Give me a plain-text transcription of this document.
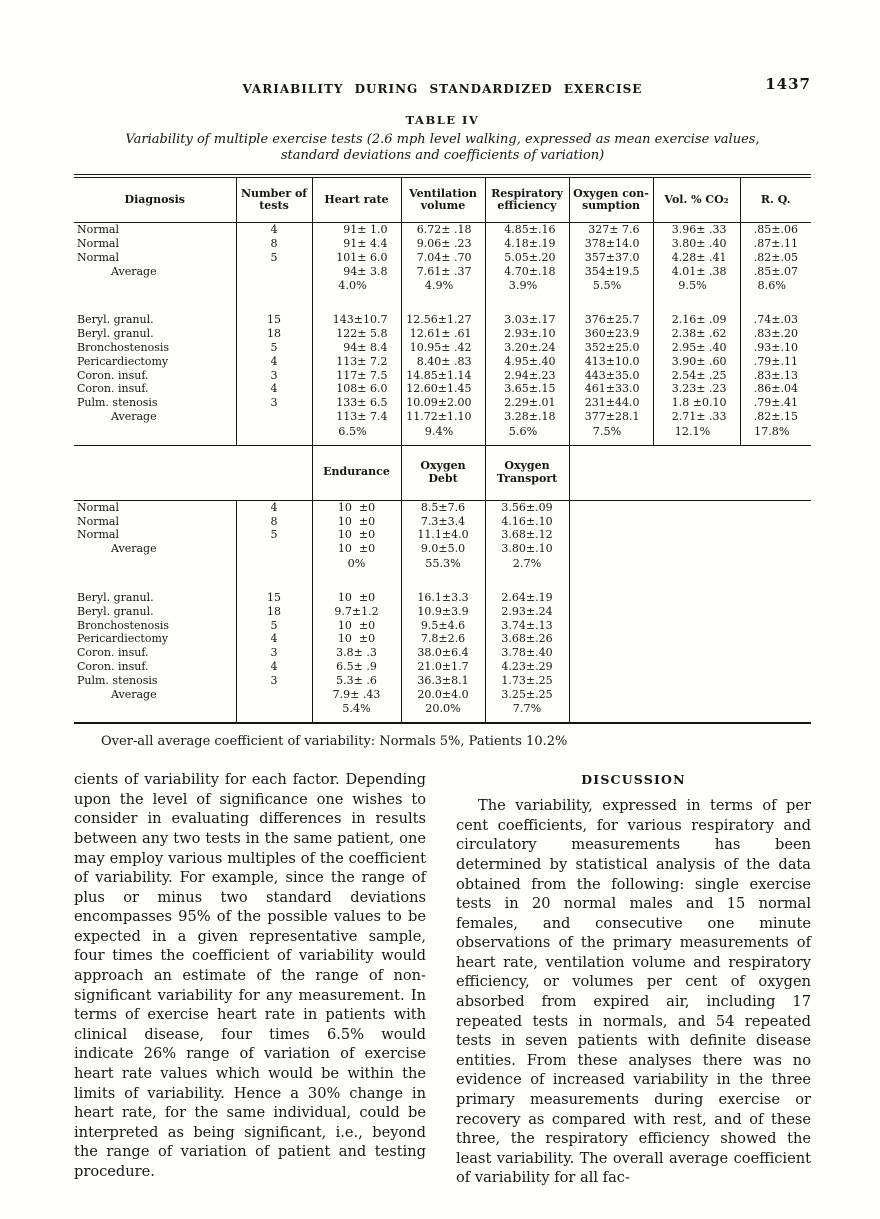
VARIABILITY DURING STANDARDIZED EXERCISE	1437
TABLE IV
Variability of multiple exercise tests (2.6 mph level walking, expressed as mean exercise values,
standard deviations and coefficients of variation)
Diagnosis	Number of tests	Heart rate	Ventilation volume	Respiratory efficiency	Oxygen con-sumption	Vol. % CO₂	R. Q.
Normal	4	91± 1.0	6.72± .18	4.85±.16	327± 7.6	3.96± .33	.85±.06
Normal	8	91± 4.4	9.06± .23	4.18±.19	378±14.0	3.80± .40	.87±.11
Normal	5	101± 6.0	7.04± .70	5.05±.20	357±37.0	4.28± .41	.82±.05
Average		94± 3.8	7.61± .37	4.70±.18	354±19.5	4.01± .38	.85±.07
		4.0%	4.9%	3.9%	5.5%	9.5%	8.6%

Beryl. granul.	15	143±10.7	12.56±1.27	3.03±.17	376±25.7	2.16± .09	.74±.03
Beryl. granul.	18	122± 5.8	12.61± .61	2.93±.10	360±23.9	2.38± .62	.83±.20
Bronchostenosis	5	94± 8.4	10.95± .42	3.20±.24	352±25.0	2.95± .40	.93±.10
Pericardiectomy	4	113± 7.2	8.40± .83	4.95±.40	413±10.0	3.90± .60	.79±.11
Coron. insuf.	3	117± 7.5	14.85±1.14	2.94±.23	443±35.0	2.54± .25	.83±.13
Coron. insuf.	4	108± 6.0	12.60±1.45	3.65±.15	461±33.0	3.23± .23	.86±.04
Pulm. stenosis	3	133± 6.5	10.09±2.00	2.29±.01	231±44.0	1.8 ±0.10	.79±.41
Average		113± 7.4	11.72±1.10	3.28±.18	377±28.1	2.71± .33	.82±.15
		6.5%	9.4%	5.6%	7.5%	12.1%	17.8%
		Endurance	Oxygen Debt	Oxygen Transport	
Normal	4	10  ±0	8.5±7.6	3.56±.09	
Normal	8	10  ±0	7.3±3.4	4.16±.10	
Normal	5	10  ±0	11.1±4.0	3.68±.12	
Average		10  ±0	9.0±5.0	3.80±.10	
		0%	55.3%	2.7%	

Beryl. granul.	15	10  ±0	16.1±3.3	2.64±.19	
Beryl. granul.	18	9.7±1.2	10.9±3.9	2.93±.24	
Bronchostenosis	5	10  ±0	9.5±4.6	3.74±.13	
Pericardiectomy	4	10  ±0	7.8±2.6	3.68±.26	
Coron. insuf.	3	3.8± .3	38.0±6.4	3.78±.40	
Coron. insuf.	4	6.5± .9	21.0±1.7	4.23±.29	
Pulm. stenosis	3	5.3± .6	36.3±8.1	1.73±.25	
Average		7.9± .43	20.0±4.0	3.25±.25	
		5.4%	20.0%	7.7%	
Over-all average coefficient of variability: Normals 5%, Patients 10.2%

cients of variability for each factor. Depending upon the level of significance one wishes to consider in evaluating differences in results between any two tests in the same patient, one may employ various multiples of the coefficient of variability. For example, since the range of plus or minus two standard deviations encompasses 95% of the possible values to be expected in a given representative sample, four times the coefficient of variability would approach an estimate of the range of non-significant variability for any measurement. In terms of exercise heart rate in patients with clinical disease, four times 6.5% would indicate 26% range of variation of exercise heart rate values which would be within the limits of variability. Hence a 30% change in heart rate, for the same individual, could be interpreted as being significant, i.e., beyond the range of variation of patient and testing procedure.

DISCUSSION

The variability, expressed in terms of per cent coefficients, for various respiratory and circulatory measurements has been determined by statistical analysis of the data obtained from the following: single exercise tests in 20 normal males and 15 normal females, and consecutive one minute observations of the primary measurements of heart rate, ventilation volume and respiratory efficiency, or volumes per cent of oxygen absorbed from expired air, including 17 repeated tests in normals, and 54 repeated tests in seven patients with definite disease entities. From these analyses there was no evidence of increased variability in the three primary measurements during exercise or recovery as compared with rest, and of these three, the respiratory efficiency showed the least variability. The overall average coefficient of variability for all fac-
